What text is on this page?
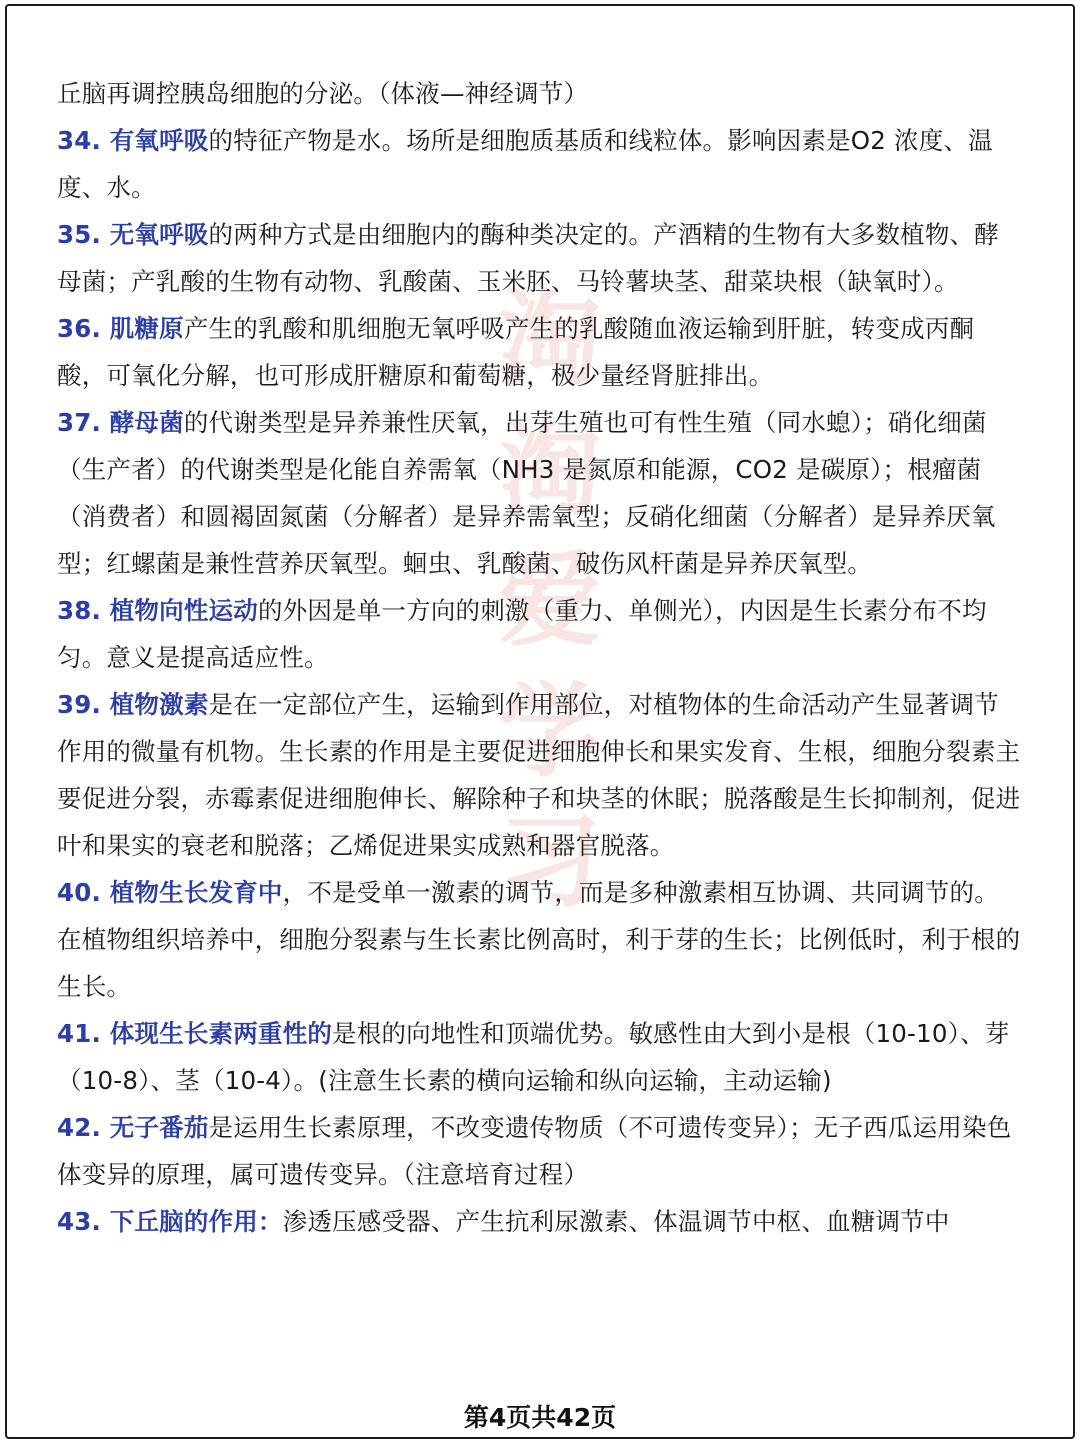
淘
淘
爱
学
习
丘脑再调控胰岛细胞的分泌。（体液—神经调节）
34. 有氧呼吸的特征产物是水。场所是细胞质基质和线粒体。影响因素是O2 浓度、温度、水。
35. 无氧呼吸的两种方式是由细胞内的酶种类决定的。产酒精的生物有大多数植物、酵母菌；产乳酸的生物有动物、乳酸菌、玉米胚、马铃薯块茎、甜菜块根（缺氧时）。
36. 肌糖原产生的乳酸和肌细胞无氧呼吸产生的乳酸随血液运输到肝脏，转变成丙酮酸，可氧化分解，也可形成肝糖原和葡萄糖，极少量经肾脏排出。
37. 酵母菌的代谢类型是异养兼性厌氧，出芽生殖也可有性生殖（同水螅）；硝化细菌（生产者）的代谢类型是化能自养需氧（NH3 是氮原和能源，CO2 是碳原）；根瘤菌（消费者）和圆褐固氮菌（分解者）是异养需氧型；反硝化细菌（分解者）是异养厌氧型；红螺菌是兼性营养厌氧型。蛔虫、乳酸菌、破伤风杆菌是异养厌氧型。
38. 植物向性运动的外因是单一方向的刺激（重力、单侧光），内因是生长素分布不均匀。意义是提高适应性。
39. 植物激素是在一定部位产生，运输到作用部位，对植物体的生命活动产生显著调节作用的微量有机物。生长素的作用是主要促进细胞伸长和果实发育、生根，细胞分裂素主要促进分裂，赤霉素促进细胞伸长、解除种子和块茎的休眠；脱落酸是生长抑制剂，促进叶和果实的衰老和脱落；乙烯促进果实成熟和器官脱落。
40. 植物生长发育中，不是受单一激素的调节，而是多种激素相互协调、共同调节的。在植物组织培养中，细胞分裂素与生长素比例高时，利于芽的生长；比例低时，利于根的生长。
41. 体现生长素两重性的是根的向地性和顶端优势。敏感性由大到小是根（10-10）、芽（10-8）、茎（10-4）。(注意生长素的横向运输和纵向运输，主动运输)
42. 无子番茄是运用生长素原理，不改变遗传物质（不可遗传变异）；无子西瓜运用染色体变异的原理，属可遗传变异。（注意培育过程）
43. 下丘脑的作用：渗透压感受器、产生抗利尿激素、体温调节中枢、血糖调节中
第4页共42页
